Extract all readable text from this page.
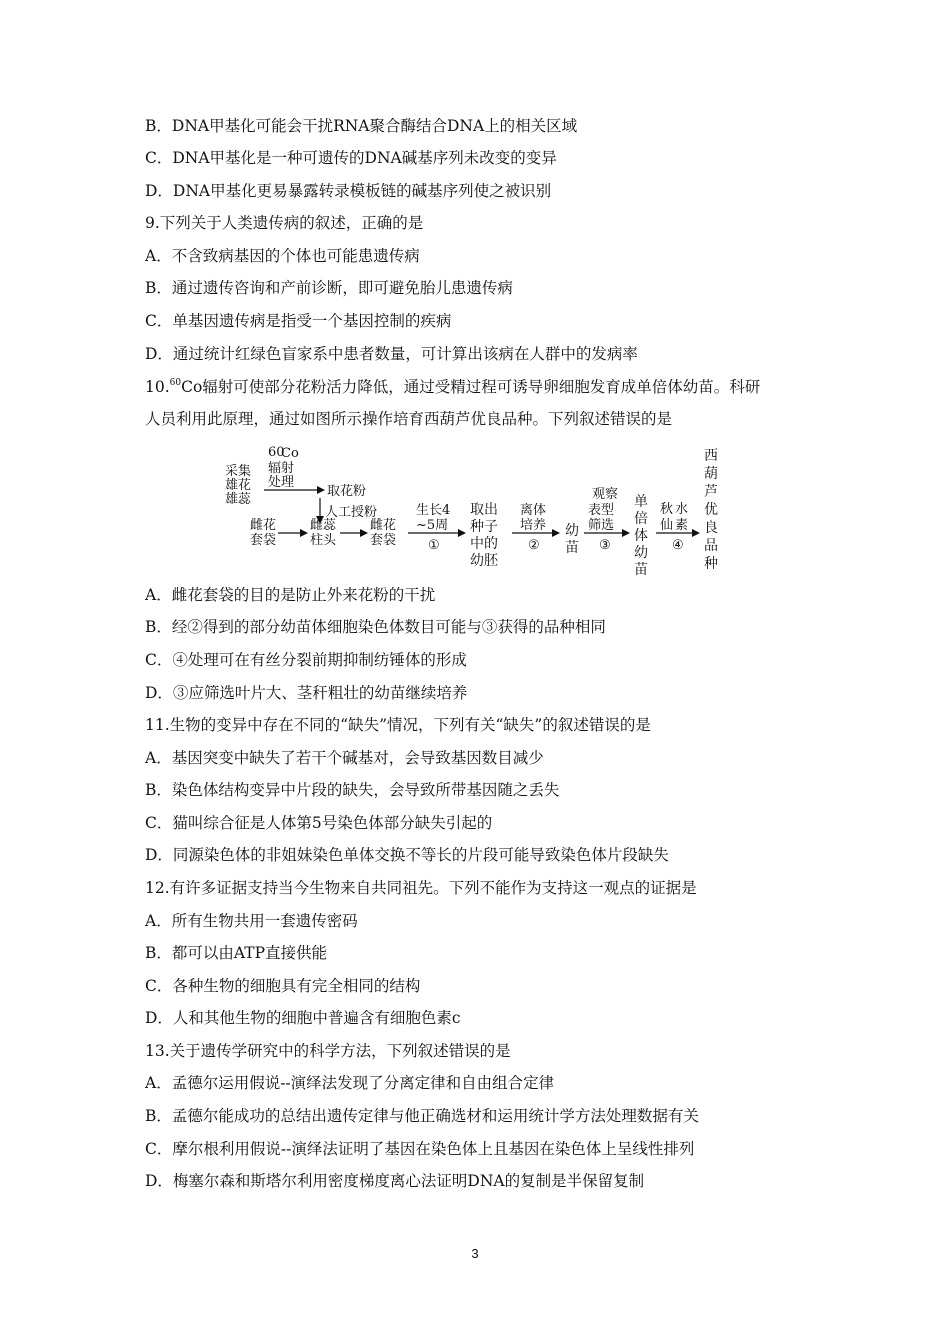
B．DNA甲基化可能会干扰RNA聚合酶结合DNA上的相关区域
C．DNA甲基化是一种可遗传的DNA碱基序列未改变的变异
D．DNA甲基化更易暴露转录模板链的碱基序列使之被识别
9.下列关于人类遗传病的叙述，正确的是
A．不含致病基因的个体也可能患遗传病
B．通过遗传咨询和产前诊断，即可避免胎儿患遗传病
C．单基因遗传病是指受一个基因控制的疾病
D．通过统计红绿色盲家系中患者数量，可计算出该病在人群中的发病率
10.60Co辐射可使部分花粉活力降低，通过受精过程可诱导卵细胞发育成单倍体幼苗。科研
人员利用此原理，通过如图所示操作培育西葫芦优良品种。下列叙述错误的是
60
Co
辐射
处理
采集
雄花
雄蕊
取花粉
人工授粉
雌花
套袋
雌蕊
柱头
雌花
套袋
生长4
~5周
①
取出
种子
中的
幼胚
离体
培养
②
幼
苗
观察
表型
筛选
③
单
倍
体
幼
苗
水
秋
仙 素
④
西
葫
芦
优
良
品
种
A．雌花套袋的目的是防止外来花粉的干扰
B．经②得到的部分幼苗体细胞染色体数目可能与③获得的品种相同
C．④处理可在有丝分裂前期抑制纺锤体的形成
D．③应筛选叶片大、茎秆粗壮的幼苗继续培养
11.生物的变异中存在不同的“缺失”情况，下列有关“缺失”的叙述错误的是
A．基因突变中缺失了若干个碱基对，会导致基因数目减少
B．染色体结构变异中片段的缺失，会导致所带基因随之丢失
C．猫叫综合征是人体第5号染色体部分缺失引起的
D．同源染色体的非姐妹染色单体交换不等长的片段可能导致染色体片段缺失
12.有许多证据支持当今生物来自共同祖先。下列不能作为支持这一观点的证据是
A．所有生物共用一套遗传密码
B．都可以由ATP直接供能
C．各种生物的细胞具有完全相同的结构
D．人和其他生物的细胞中普遍含有细胞色素c
13.关于遗传学研究中的科学方法，下列叙述错误的是
A．孟德尔运用假说--演绎法发现了分离定律和自由组合定律
B．孟德尔能成功的总结出遗传定律与他正确选材和运用统计学方法处理数据有关
C．摩尔根利用假说--演绎法证明了基因在染色体上且基因在染色体上呈线性排列
D．梅塞尔森和斯塔尔利用密度梯度离心法证明DNA的复制是半保留复制
3
